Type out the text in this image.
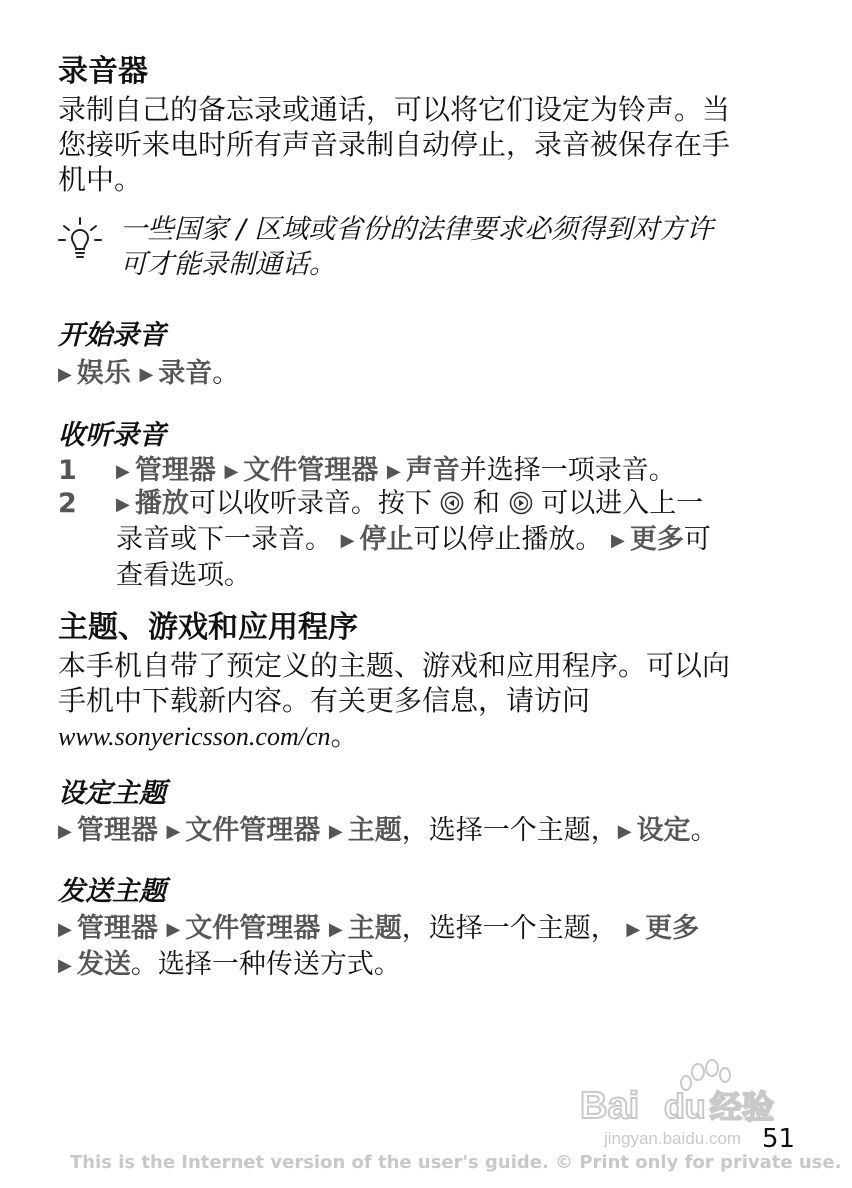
录音器
录制自己的备忘录或通话，可以将它们设定为铃声。当
您接听来电时所有声音录制自动停止，录音被保存在手
机中。
一些国家 / 区域或省份的法律要求必须得到对方许
可才能录制通话。
开始录音
▶ 娱乐 ▶ 录音。
收听录音
1 ▶ 管理器 ▶ 文件管理器 ▶ 声音并选择一项录音。
2 ▶ 播放可以收听录音。按下 和 可以进入上一
录音或下一录音。 ▶ 停止可以停止播放。 ▶ 更多可
查看选项。
主题、游戏和应用程序
本手机自带了预定义的主题、游戏和应用程序。可以向
手机中下载新内容。有关更多信息，请访问
www.sonyericsson.com/cn。
设定主题
▶ 管理器 ▶ 文件管理器 ▶ 主题，选择一个主题，▶ 设定。
发送主题
▶ 管理器 ▶ 文件管理器 ▶ 主题，选择一个主题， ▶ 更多
▶ 发送。选择一种传送方式。
Bai du 经验
jingyan.baidu.com 51
This is the Internet version of the user's guide. © Print only for private use.
